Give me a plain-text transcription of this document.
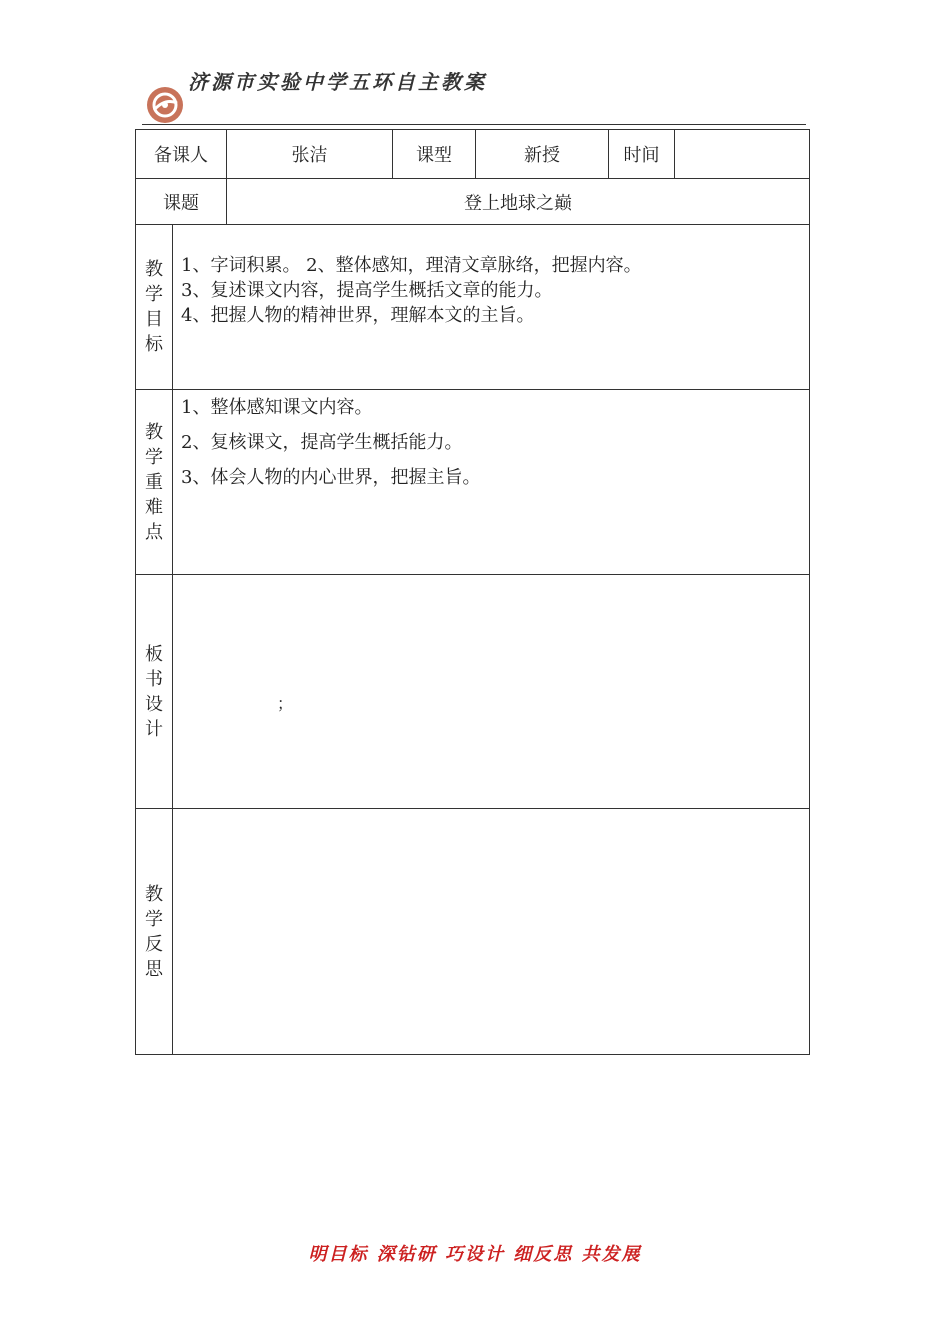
济源市实验中学五环自主教案
备课人		张洁	课型	新授	时间	
课题		登上地球之巅				

教学目标	1、字词积累。 2、整体感知，理清文章脉络，把握内容。
3、复述课文内容，提高学生概括文章的能力。
4、把握人物的精神世界，理解本文的主旨。					

教学重难点	1、整体感知课文内容。
2、复核课文，提高学生概括能力。
3、体会人物的内心世界，把握主旨。					

板书设计	；					

教学反思						

明目标 深钻研 巧设计 细反思 共发展
